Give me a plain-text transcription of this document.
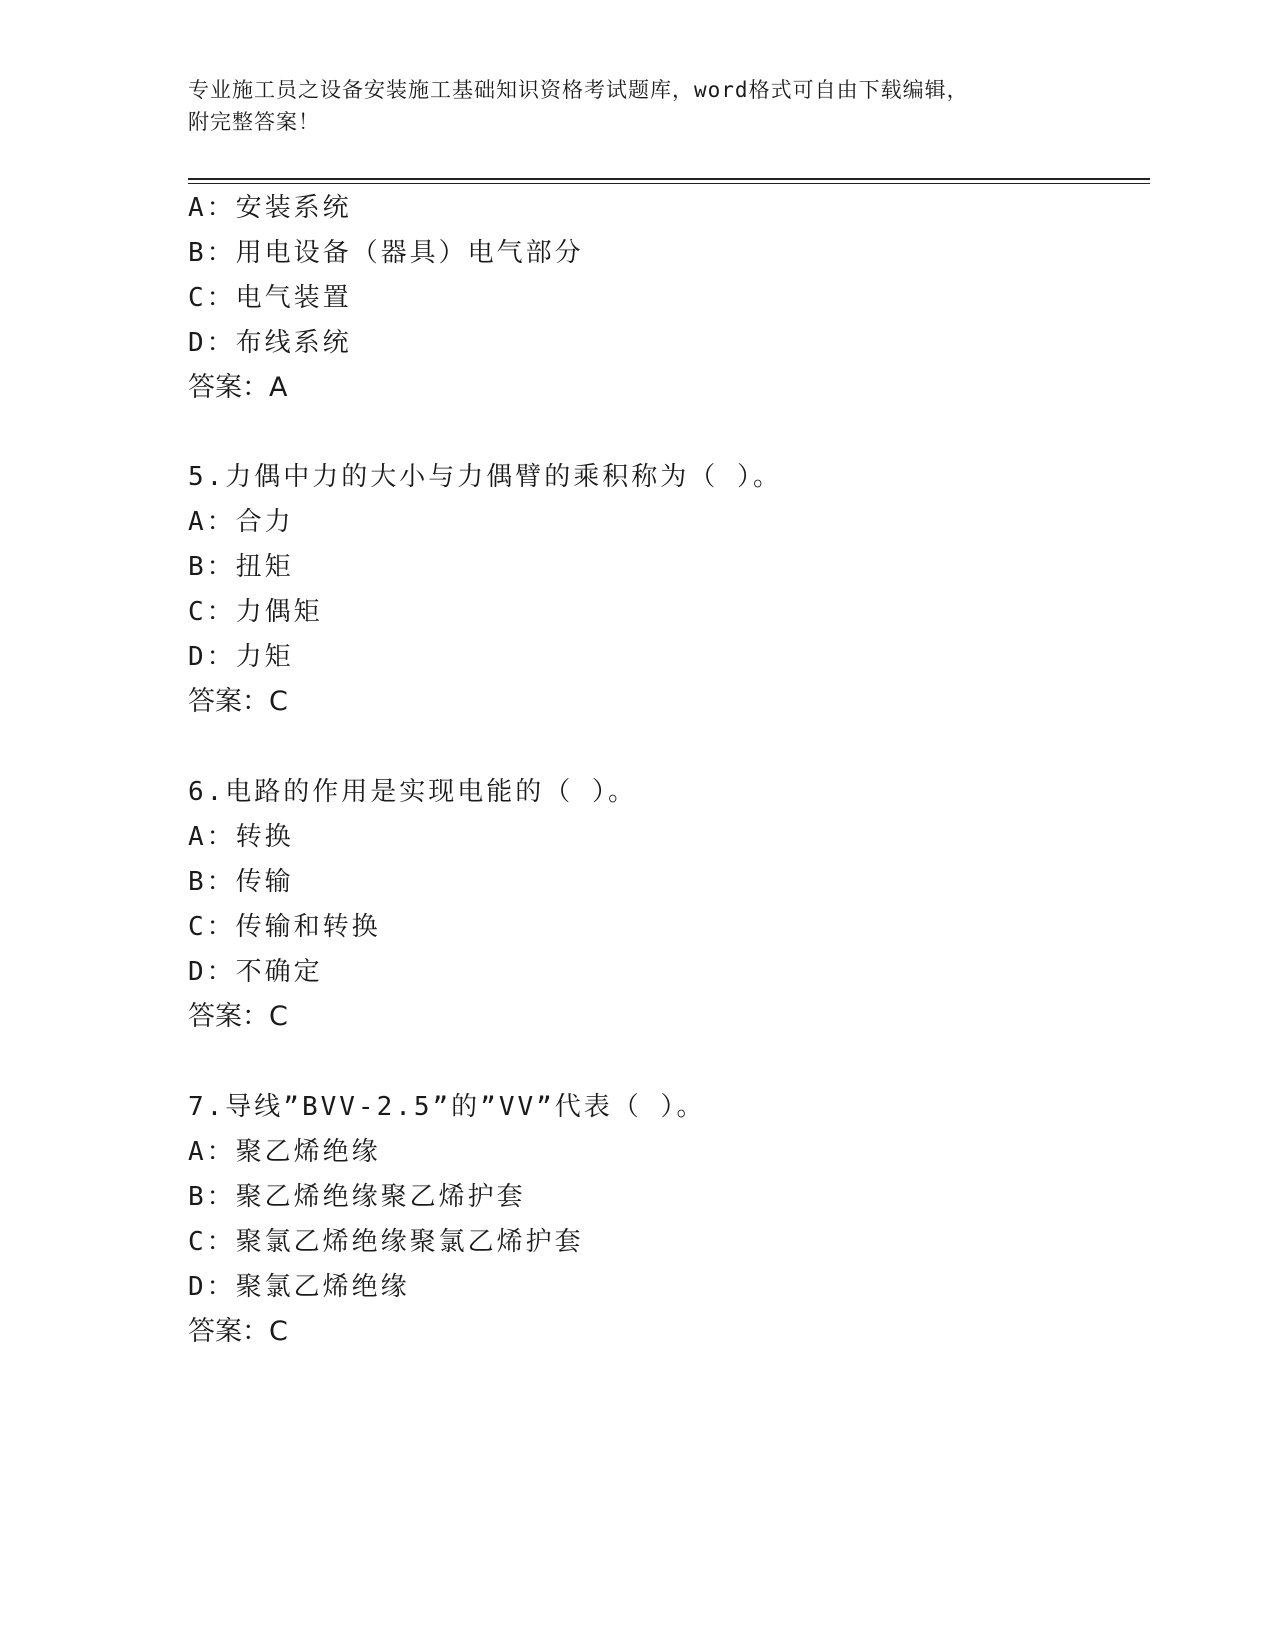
专业施工员之设备安装施工基础知识资格考试题库，word格式可自由下载编辑，
附完整答案！
A：安装系统
B：用电设备（器具）电气部分
C：电气装置
D：布线系统
答案：A
5.力偶中力的大小与力偶臂的乘积称为（ ）。
A：合力
B：扭矩
C：力偶矩
D：力矩
答案：C
6.电路的作用是实现电能的（ ）。
A：转换
B：传输
C：传输和转换
D：不确定
答案：C
7.导线”BVV-2.5”的”VV”代表（ ）。
A：聚乙烯绝缘
B：聚乙烯绝缘聚乙烯护套
C：聚氯乙烯绝缘聚氯乙烯护套
D：聚氯乙烯绝缘
答案：C
